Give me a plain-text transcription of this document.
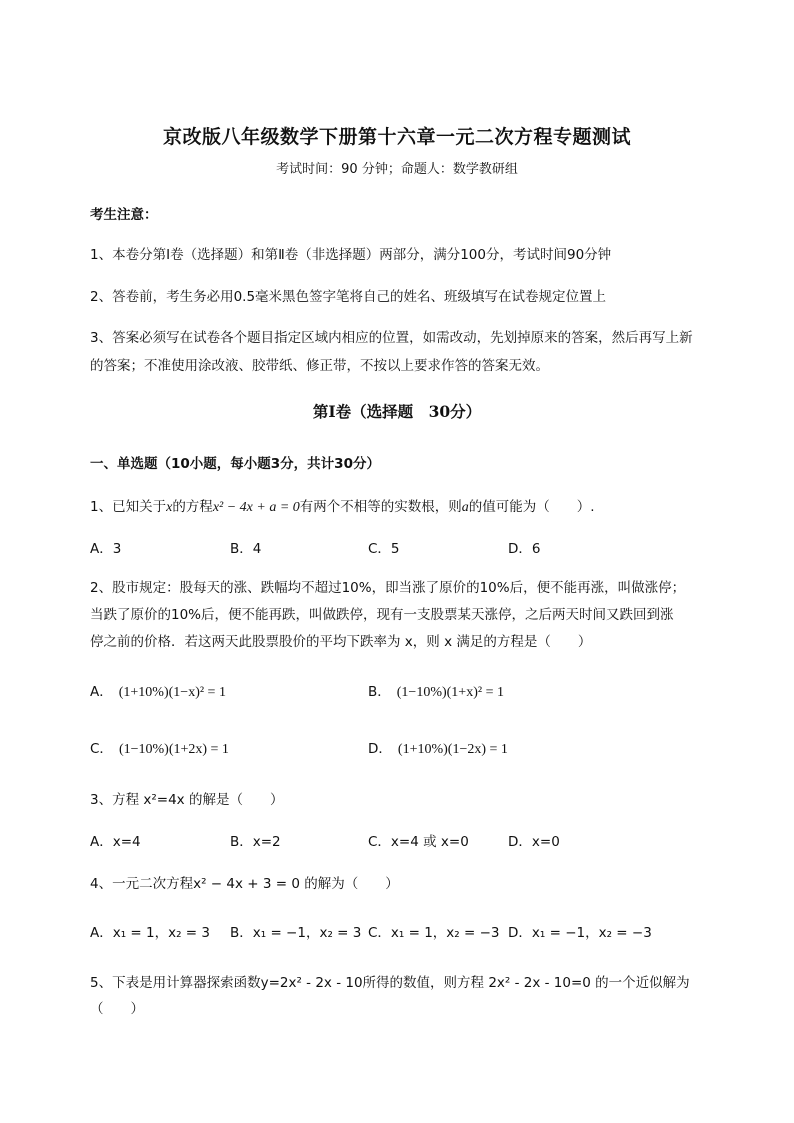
京改版八年级数学下册第十六章一元二次方程专题测试
考试时间：90 分钟；命题人：数学教研组
考生注意：
1、本卷分第Ⅰ卷（选择题）和第Ⅱ卷（非选择题）两部分，满分100分，考试时间90分钟
2、答卷前，考生务必用0.5毫米黑色签字笔将自己的姓名、班级填写在试卷规定位置上
3、答案必须写在试卷各个题目指定区域内相应的位置，如需改动，先划掉原来的答案，然后再写上新
的答案；不准使用涂改液、胶带纸、修正带，不按以上要求作答的答案无效。
第Ⅰ卷（选择题　30分）
一、单选题（10小题，每小题3分，共计30分）
1、已知关于x的方程x² − 4x + a = 0有两个不相等的实数根，则a的值可能为（　　）.
A．3	B．4	C．5	D．6
2、股市规定：股每天的涨、跌幅均不超过10%，即当涨了原价的10%后，便不能再涨，叫做涨停；
当跌了原价的10%后，便不能再跌，叫做跌停，现有一支股票某天涨停，之后两天时间又跌回到涨
停之前的价格．若这两天此股票股价的平均下跌率为 x，则 x 满足的方程是（　　）
A． (1+10%)(1−x)² = 1	B． (1−10%)(1+x)² = 1
C． (1−10%)(1+2x) = 1	D． (1+10%)(1−2x) = 1
3、方程 x²=4x 的解是（　　）
A．x=4	B．x=2	C．x=4 或 x=0	D．x=0
4、一元二次方程x² − 4x + 3 = 0 的解为（　　）
A．x₁ = 1，x₂ = 3 B．x₁ = −1，x₂ = 3 C．x₁ = 1，x₂ = −3 D．x₁ = −1，x₂ = −3
5、下表是用计算器探索函数y=2x² - 2x - 10所得的数值，则方程 2x² - 2x - 10=0 的一个近似解为
（　　）
